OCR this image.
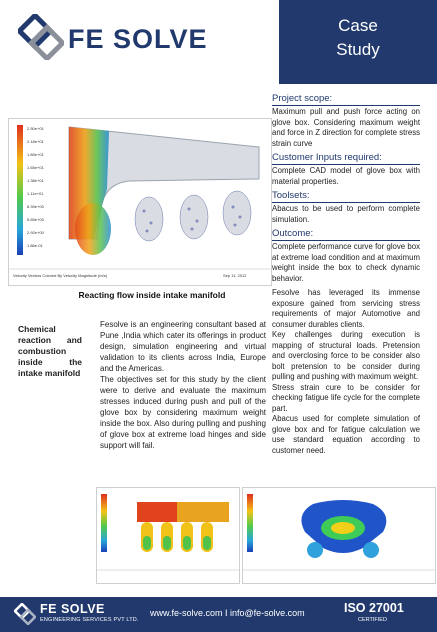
FE SOLVE	Case
Study
2.50e+01
2.18e+01
1.89e+01
1.65e+01
1.38e+01
1.11e+01
8.39e+00
5.65e+00
2.92e+00
1.86e-01
Velocity Vectors Colored By Velocity Magnitude (m/s)	Sep 11, 2012
Reacting flow inside intake manifold
Chemical reaction and combustion inside the intake manifold

Fesolve is an engineering consultant based at Pune ,India which cater its offerings in product design, simulation engineering and virtual validation to its clients across India, Europe and the Americas.

The objectives set for this study by the client were to derive and evaluate the maximum stresses induced during push and pull of the glove box by considering maximum weight inside the box. Also during pulling and pushing of glove box at extreme load hinges and side support will fail.

Project scope:
Maximum pull and push force acting on glove box. Considering maximum weight and force in Z direction for complete stress strain curve
Customer Inputs required:
Complete CAD model of glove box with material properties.
Toolsets:
Abacus to be used to perform complete simulation.
Outcome:
Complete performance curve for glove box at extreme load condition and at maximum weight inside the box to check dynamic behavior.

Fesolve has leveraged its immense exposure gained from servicing stress requirements of major Automotive and consumer durables clients.

Key challenges during execution is mapping of structural loads. Pretension and overclosing force to be consider also bolt pretension to be consider during pulling and pushing with maximum weight.

Stress strain cure to be consider for checking fatigue life cycle for the complete part.

Abacus used for complete simulation of glove box and for fatigue calculation we use standard equation according to customer need.

FE SOLVE
ENGINEERING SERVICES PVT LTD.
www.fe-solve.com I info@fe-solve.com	ISO 27001
CERTIFIED
